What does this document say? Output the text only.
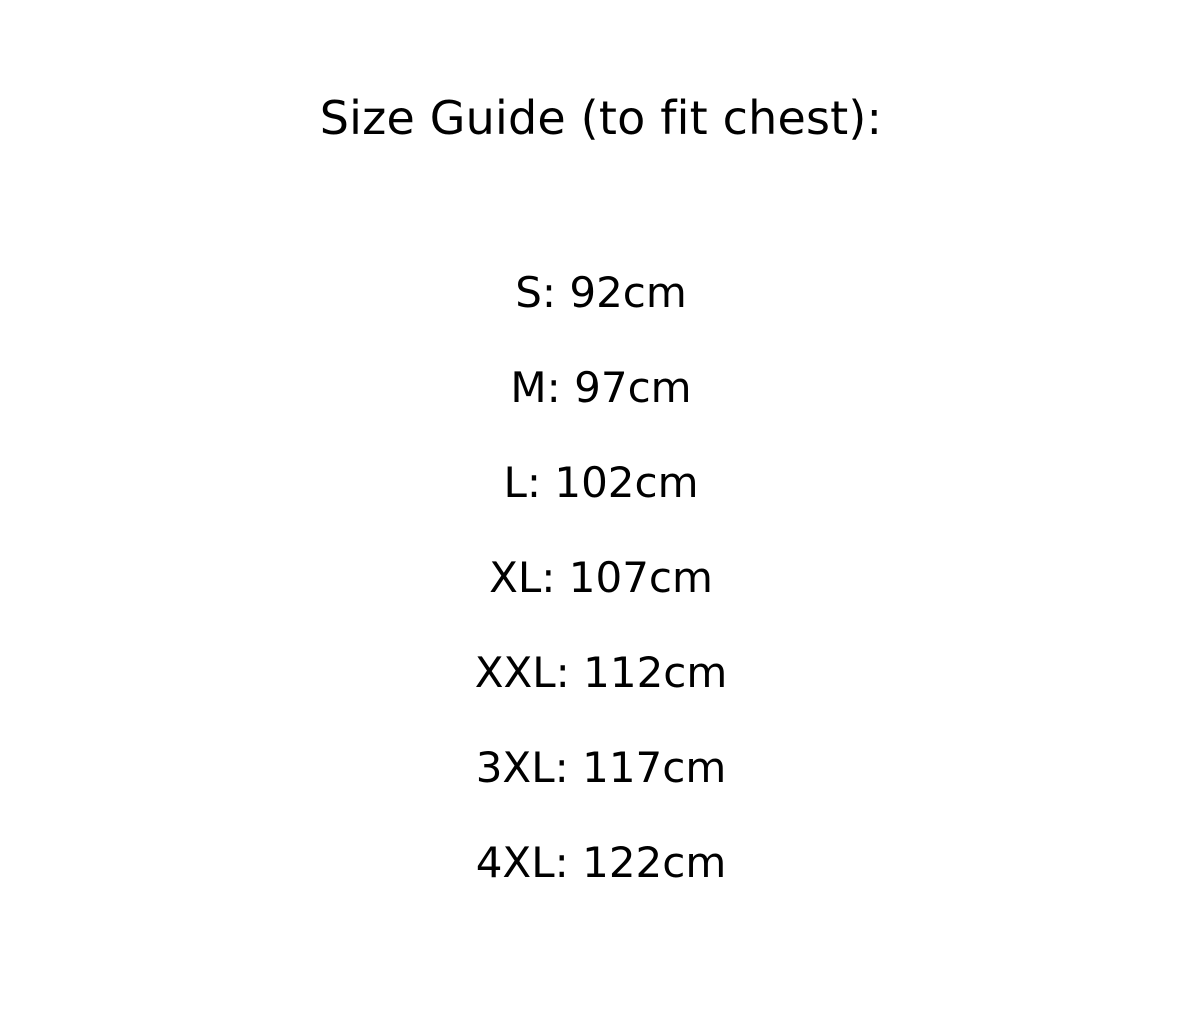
Size Guide (to fit chest):
S: 92cm
M: 97cm
L: 102cm
XL: 107cm
XXL: 112cm
3XL: 117cm
4XL: 122cm
